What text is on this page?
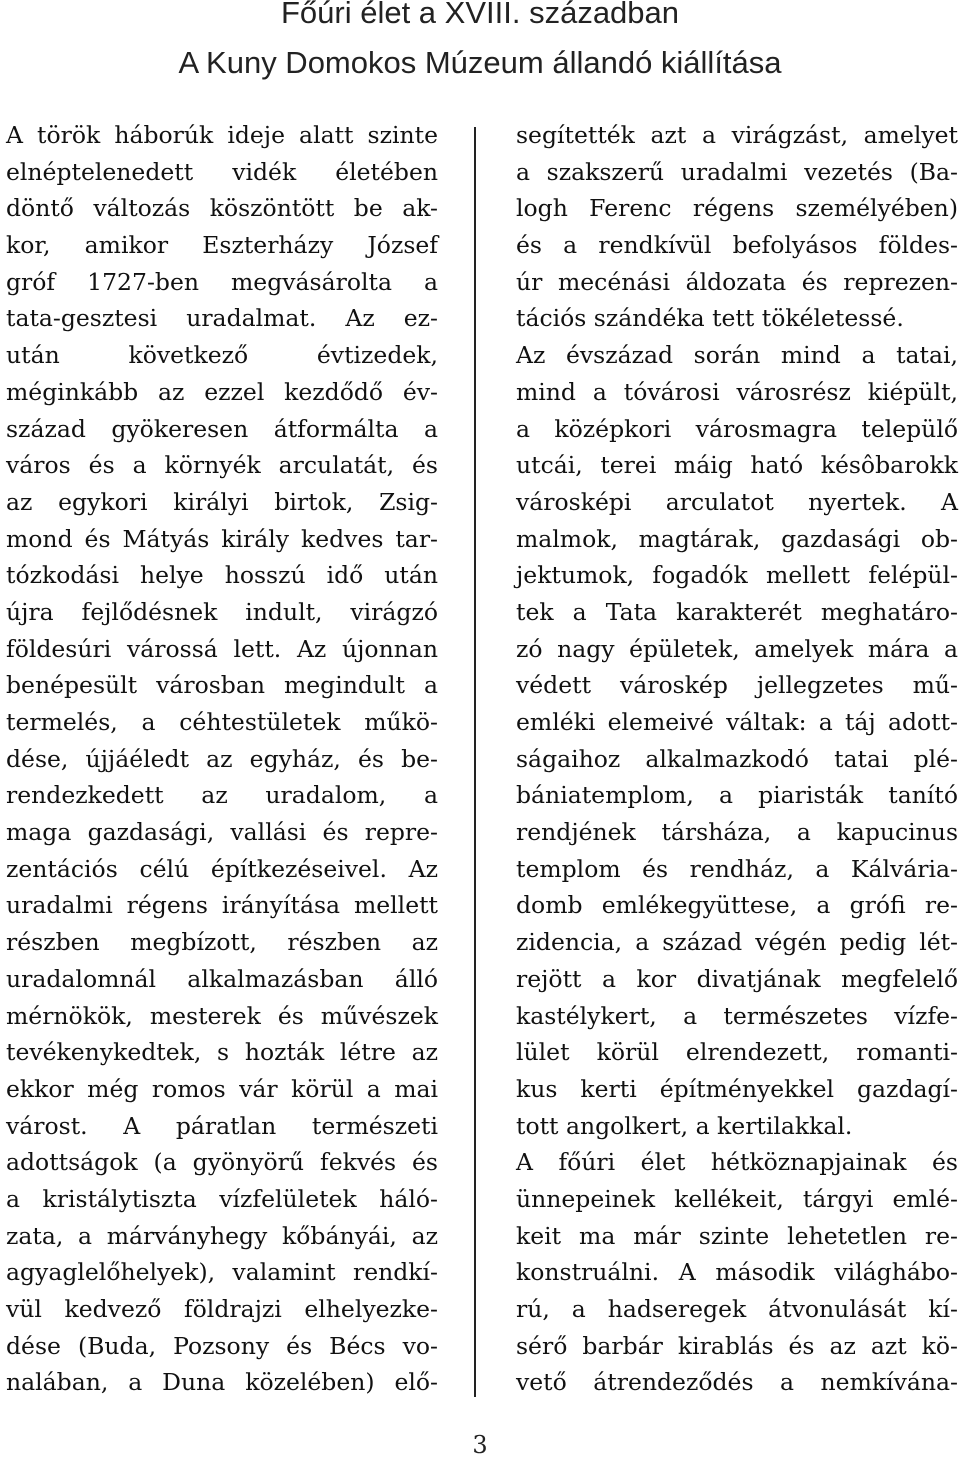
Főúri élet a XVIII. században
A Kuny Domokos Múzeum állandó kiállítása
A török háborúk ideje alatt szinte
elnéptelenedett vidék életében
döntő változás köszöntött be ak-
kor, amikor Eszterházy József
gróf 1727-ben megvásárolta a
tata-gesztesi uradalmat. Az ez-
után következő évtizedek,
méginkább az ezzel kezdődő év-
század gyökeresen átformálta a
város és a környék arculatát, és
az egykori királyi birtok, Zsig-
mond és Mátyás király kedves tar-
tózkodási helye hosszú idő után
újra fejlődésnek indult, virágzó
földesúri várossá lett. Az újonnan
benépesült városban megindult a
termelés, a céhtestületek műkö-
dése, újjáéledt az egyház, és be-
rendezkedett az uradalom, a
maga gazdasági, vallási és repre-
zentációs célú építkezéseivel. Az
uradalmi régens irányítása mellett
részben megbízott, részben az
uradalomnál alkalmazásban álló
mérnökök, mesterek és művészek
tevékenykedtek, s hozták létre az
ekkor még romos vár körül a mai
várost. A páratlan természeti
adottságok (a gyönyörű fekvés és
a kristálytiszta vízfelületek háló-
zata, a márványhegy kőbányái, az
agyaglelőhelyek), valamint rendkí-
vül kedvező földrajzi elhelyezke-
dése (Buda, Pozsony és Bécs vo-
nalában, a Duna közelében) elő-
segítették azt a virágzást, amelyet
a szakszerű uradalmi vezetés (Ba-
logh Ferenc régens személyében)
és a rendkívül befolyásos földes-
úr mecénási áldozata és reprezen-
tációs szándéka tett tökéletessé.
Az évszázad során mind a tatai,
mind a tóvárosi városrész kiépült,
a középkori városmagra települő
utcái, terei máig ható késôbarokk
városképi arculatot nyertek. A
malmok, magtárak, gazdasági ob-
jektumok, fogadók mellett felépül-
tek a Tata karakterét meghatáro-
zó nagy épületek, amelyek mára a
védett városkép jellegzetes mű-
emléki elemeivé váltak: a táj adott-
ságaihoz alkalmazkodó tatai plé-
bániatemplom, a piaristák tanító
rendjének társháza, a kapucinus
templom és rendház, a Kálvária-
domb emlékegyüttese, a grófi re-
zidencia, a század végén pedig lét-
rejött a kor divatjának megfelelő
kastélykert, a természetes vízfe-
lület körül elrendezett, romanti-
kus kerti építményekkel gazdagí-
tott angolkert, a kertilakkal.
A főúri élet hétköznapjainak és
ünnepeinek kellékeit, tárgyi emlé-
keit ma már szinte lehetetlen re-
konstruálni. A második világhábo-
rú, a hadseregek átvonulását kí-
sérő barbár kirablás és az azt kö-
vető átrendeződés a nemkívána-
3
